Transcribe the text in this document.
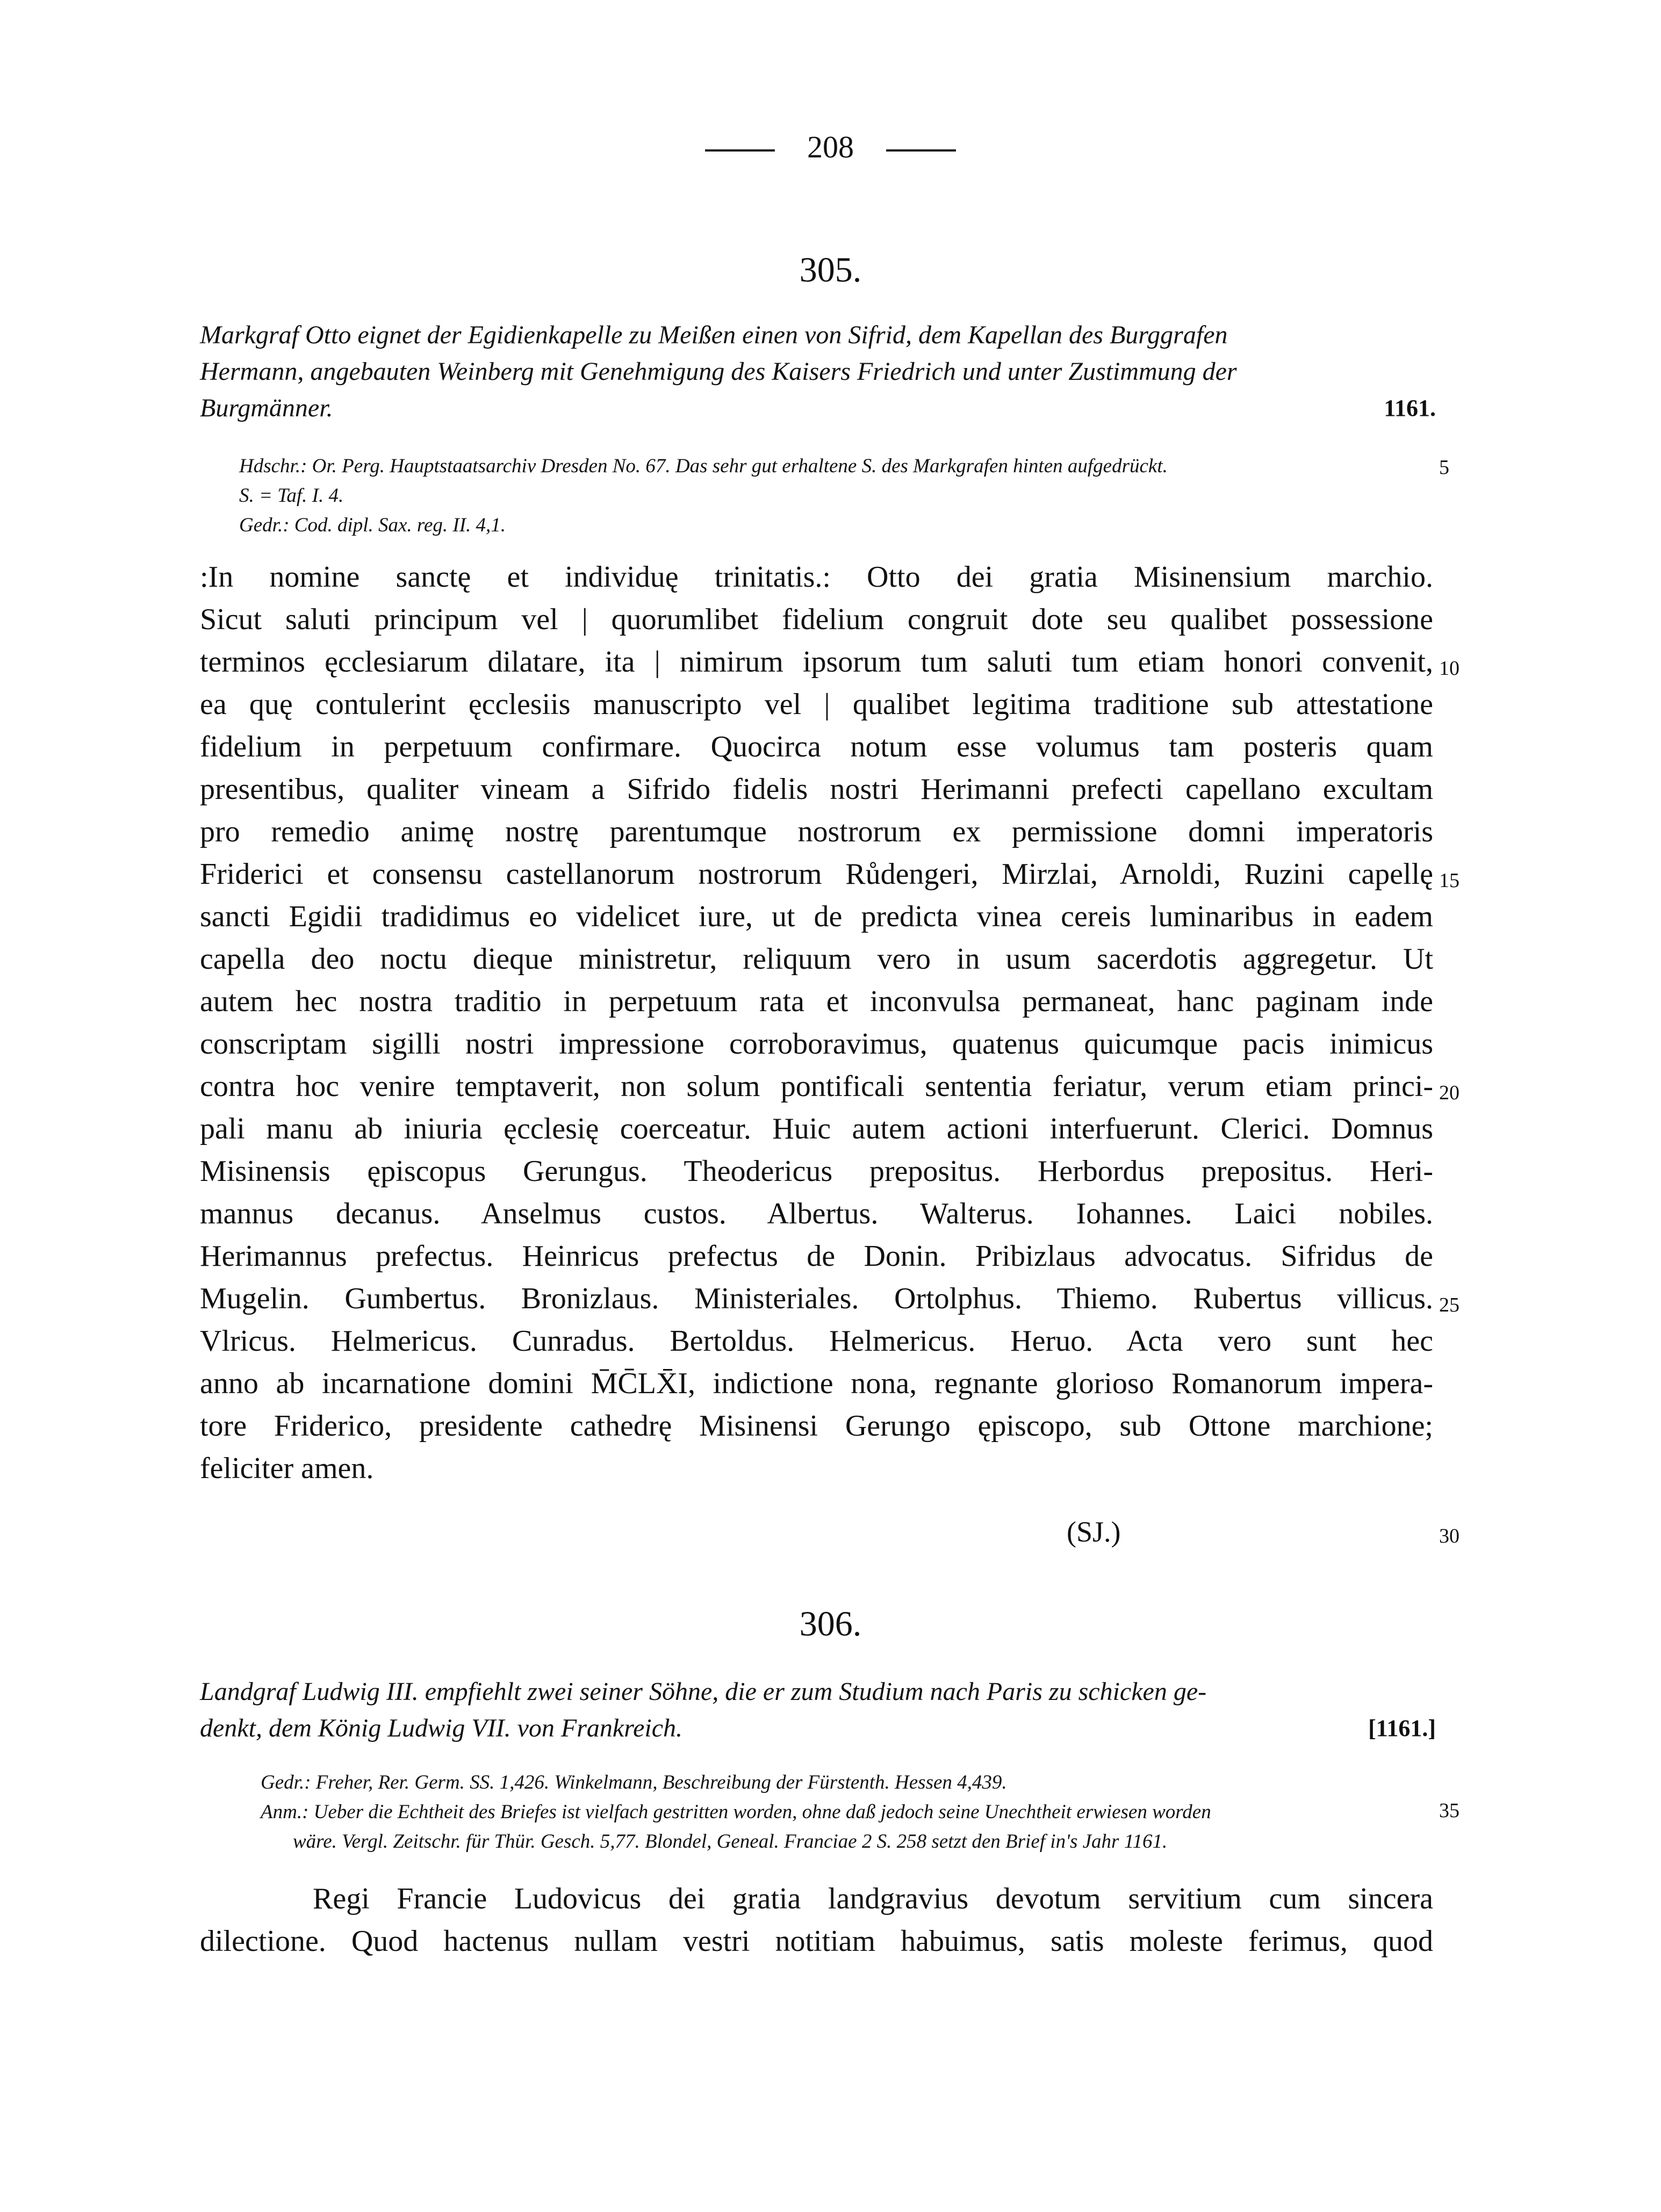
208
305.
Markgraf Otto eignet der Egidienkapelle zu Meißen einen von Sifrid, dem Kapellan des Burggrafen
Hermann, angebauten Weinberg mit Genehmigung des Kaisers Friedrich und unter Zustimmung der
Burgmänner.	1161.
Hdschr.: Or. Perg. Hauptstaatsarchiv Dresden No. 67. Das sehr gut erhaltene S. des Markgrafen hinten aufgedrückt.
S. = Taf. I. 4.
Gedr.: Cod. dipl. Sax. reg. II. 4,1.
:In nomine sanctę et individuę trinitatis.: Otto dei gratia Misinensium marchio.
Sicut saluti principum vel | quorumlibet fidelium congruit dote seu qualibet possessione
terminos ęcclesiarum dilatare, ita | nimirum ipsorum tum saluti tum etiam honori convenit,
ea quę contulerint ęcclesiis manuscripto vel | qualibet legitima traditione sub attestatione
fidelium in perpetuum confirmare. Quocirca notum esse volumus tam posteris quam
presentibus, qualiter vineam a Sifrido fidelis nostri Herimanni prefecti capellano excultam
pro remedio animę nostrę parentumque nostrorum ex permissione domni imperatoris
Friderici et consensu castellanorum nostrorum Růdengeri, Mirzlai, Arnoldi, Ruzini capellę
sancti Egidii tradidimus eo videlicet iure, ut de predicta vinea cereis luminaribus in eadem
capella deo noctu dieque ministretur, reliquum vero in usum sacerdotis aggregetur. Ut
autem hec nostra traditio in perpetuum rata et inconvulsa permaneat, hanc paginam inde
conscriptam sigilli nostri impressione corroboravimus, quatenus quicumque pacis inimicus
contra hoc venire temptaverit, non solum pontificali sententia feriatur, verum etiam princi-
pali manu ab iniuria ęcclesię coerceatur. Huic autem actioni interfuerunt. Clerici. Domnus
Misinensis ępiscopus Gerungus. Theodericus prepositus. Herbordus prepositus. Heri-
mannus decanus. Anselmus custos. Albertus. Walterus. Iohannes. Laici nobiles.
Herimannus prefectus. Heinricus prefectus de Donin. Pribizlaus advocatus. Sifridus de
Mugelin. Gumbertus. Bronizlaus. Ministeriales. Ortolphus. Thiemo. Rubertus villicus.
Vlricus. Helmericus. Cunradus. Bertoldus. Helmericus. Heruo. Acta vero sunt hec
anno ab incarnatione domini M̄C̄LX̄I, indictione nona, regnante glorioso Romanorum impera-
tore Friderico, presidente cathedrę Misinensi Gerungo ępiscopo, sub Ottone marchione;
feliciter amen.
(SJ.)
306.
Landgraf Ludwig III. empfiehlt zwei seiner Söhne, die er zum Studium nach Paris zu schicken ge-
denkt, dem König Ludwig VII. von Frankreich.	[1161.]
Gedr.: Freher, Rer. Germ. SS. 1,426. Winkelmann, Beschreibung der Fürstenth. Hessen 4,439.
Anm.: Ueber die Echtheit des Briefes ist vielfach gestritten worden, ohne daß jedoch seine Unechtheit erwiesen worden
wäre. Vergl. Zeitschr. für Thür. Gesch. 5,77. Blondel, Geneal. Franciae 2 S. 258 setzt den Brief in's Jahr 1161.
Regi Francie Ludovicus dei gratia landgravius devotum servitium cum sincera
dilectione. Quod hactenus nullam vestri notitiam habuimus, satis moleste ferimus, quod
5
10
15
20
25
30
35
